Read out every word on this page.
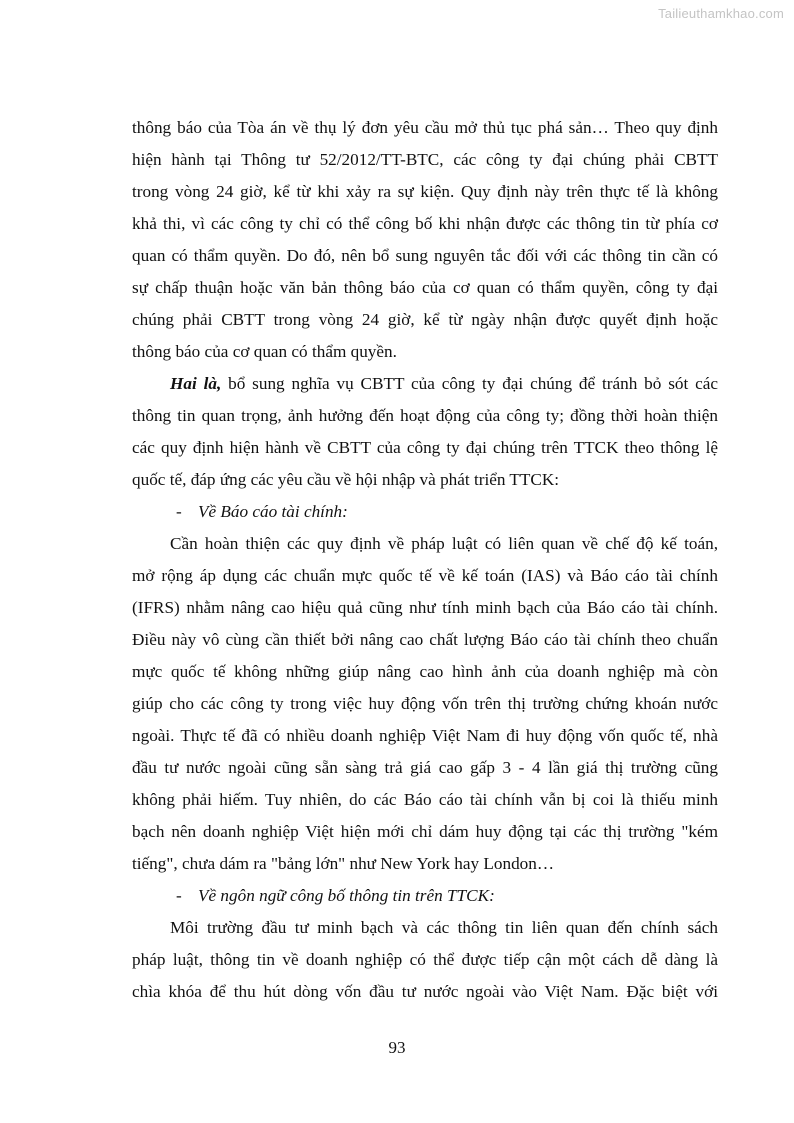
Tailieuthamkhao.com
thông báo của Tòa án về thụ lý đơn yêu cầu mở thủ tục phá sản… Theo quy định
hiện hành tại Thông tư 52/2012/TT-BTC, các công ty đại chúng phải CBTT
trong vòng 24 giờ, kể từ khi xảy ra sự kiện. Quy định này trên thực tế là không
khả thi, vì các công ty chỉ có thể công bố khi nhận được các thông tin từ phía cơ
quan có thẩm quyền. Do đó, nên bổ sung nguyên tắc đối với các thông tin cần có
sự chấp thuận hoặc văn bản thông báo của cơ quan có thẩm quyền, công ty đại
chúng phải CBTT trong vòng 24 giờ, kể từ ngày nhận được quyết định hoặc
thông báo của cơ quan có thẩm quyền.
Hai là, bổ sung nghĩa vụ CBTT của công ty đại chúng để tránh bỏ sót các
thông tin quan trọng, ảnh hưởng đến hoạt động của công ty; đồng thời hoàn thiện
các quy định hiện hành về CBTT của công ty đại chúng trên TTCK theo thông lệ
quốc tế, đáp ứng các yêu cầu về hội nhập và phát triển TTCK:
- Về Báo cáo tài chính:
Cần hoàn thiện các quy định về pháp luật có liên quan về chế độ kế toán,
mở rộng áp dụng các chuẩn mực quốc tế về kế toán (IAS) và Báo cáo tài chính
(IFRS) nhằm nâng cao hiệu quả cũng như tính minh bạch của Báo cáo tài chính.
Điều này vô cùng cần thiết bởi nâng cao chất lượng Báo cáo tài chính theo chuẩn
mực quốc tế không những giúp nâng cao hình ảnh của doanh nghiệp mà còn
giúp cho các công ty trong việc huy động vốn trên thị trường chứng khoán nước
ngoài. Thực tế đã có nhiều doanh nghiệp Việt Nam đi huy động vốn quốc tế, nhà
đầu tư nước ngoài cũng sẵn sàng trả giá cao gấp 3 - 4 lần giá thị trường cũng
không phải hiếm. Tuy nhiên, do các Báo cáo tài chính vẫn bị coi là thiếu minh
bạch nên doanh nghiệp Việt hiện mới chỉ dám huy động tại các thị trường "kém
tiếng", chưa dám ra "bảng lớn" như New York hay London…
- Về ngôn ngữ công bố thông tin trên TTCK:
Môi trường đầu tư minh bạch và các thông tin liên quan đến chính sách
pháp luật, thông tin về doanh nghiệp có thể được tiếp cận một cách dễ dàng là
chìa khóa để thu hút dòng vốn đầu tư nước ngoài vào Việt Nam. Đặc biệt với
93
